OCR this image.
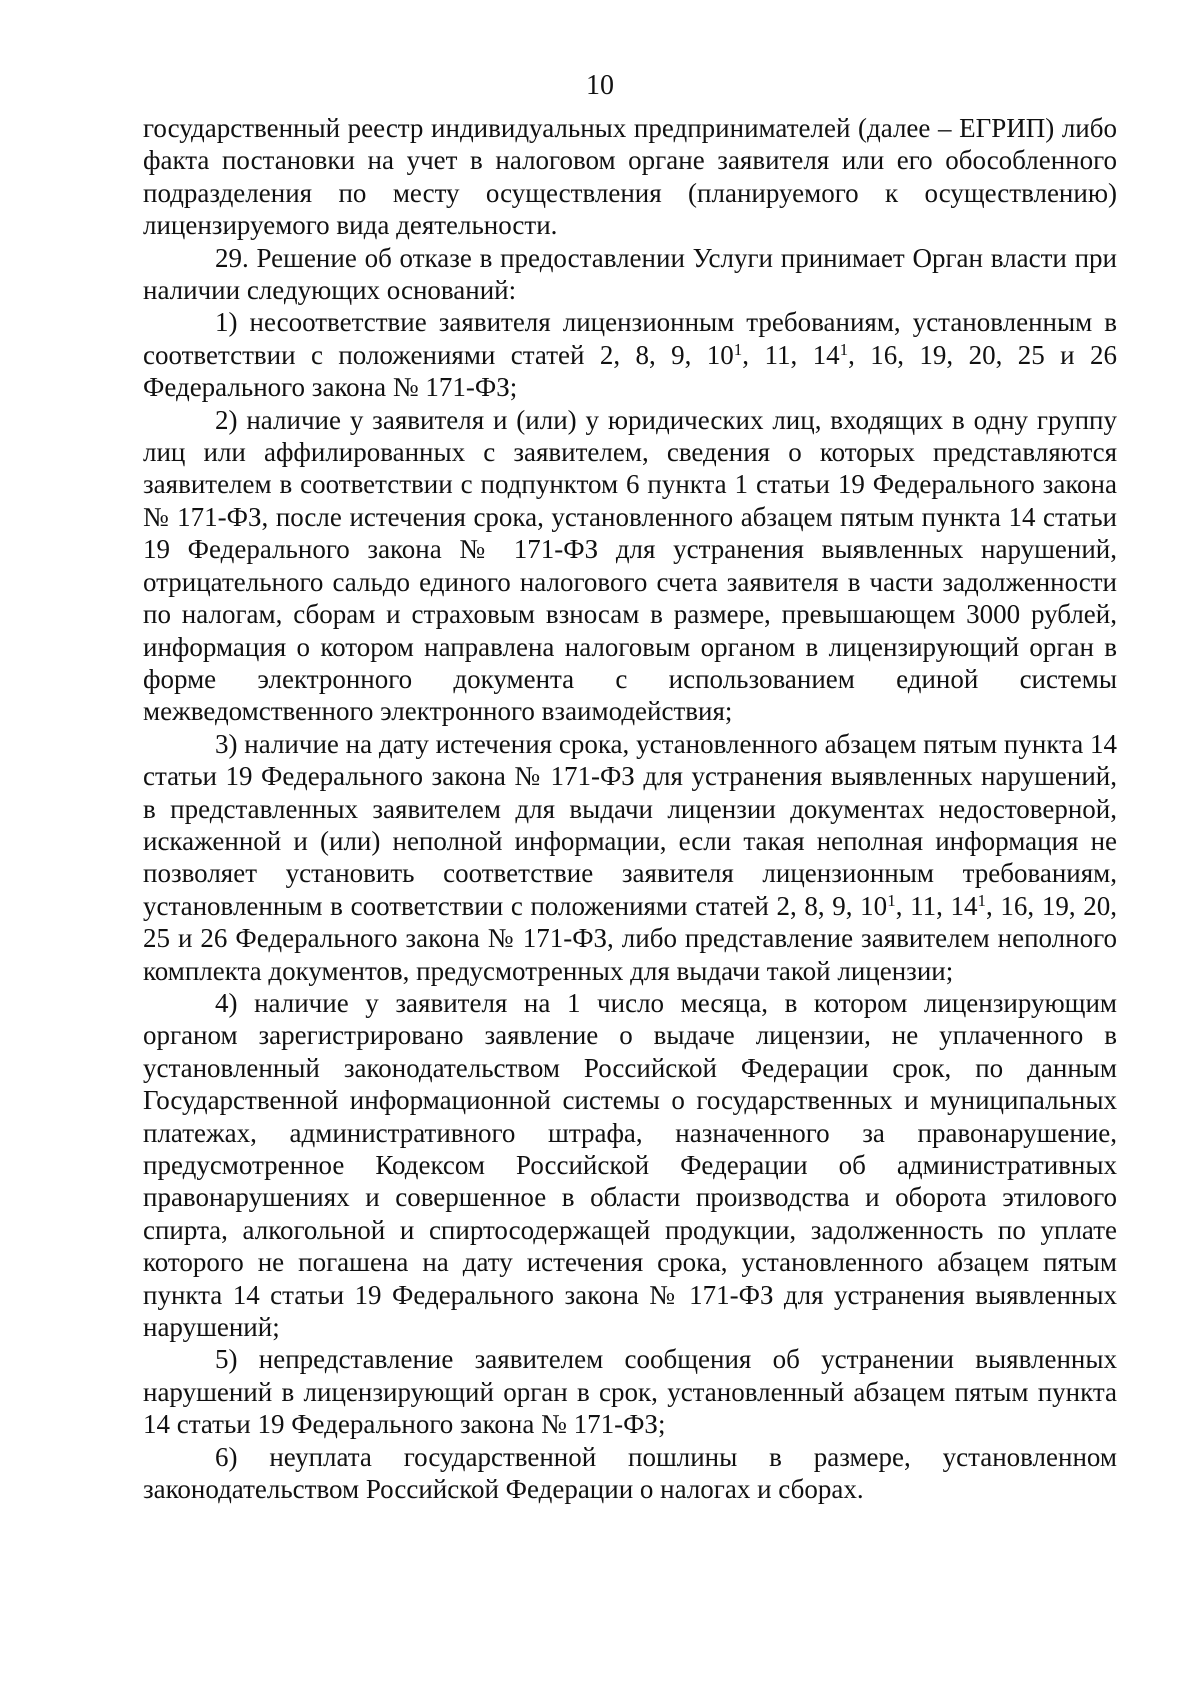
10

государственный реестр индивидуальных предпринимателей (далее – ЕГРИП) либо факта постановки на учет в налоговом органе заявителя или его обособленного подразделения по месту осуществления (планируемого к осуществлению) лицензируемого вида деятельности.

29. Решение об отказе в предоставлении Услуги принимает Орган власти при наличии следующих оснований:

1) несоответствие заявителя лицензионным требованиям, установленным в соответствии с положениями статей 2, 8, 9, $10^1$, 11, $14^1$, 16, 19, 20, 25 и 26 Федерального закона № 171-ФЗ;

2) наличие у заявителя и (или) у юридических лиц, входящих в одну группу лиц или аффилированных с заявителем, сведения о которых представляются заявителем в соответствии с подпунктом 6 пункта 1 статьи 19 Федерального закона № 171-ФЗ, после истечения срока, установленного абзацем пятым пункта 14 статьи 19 Федерального закона № 171-ФЗ для устранения выявленных нарушений, отрицательного сальдо единого налогового счета заявителя в части задолженности по налогам, сборам и страховым взносам в размере, превышающем 3000 рублей, информация о котором направлена налоговым органом в лицензирующий орган в форме электронного документа с использованием единой системы межведомственного электронного взаимодействия;

3) наличие на дату истечения срока, установленного абзацем пятым пункта 14 статьи 19 Федерального закона № 171-ФЗ для устранения выявленных нарушений, в представленных заявителем для выдачи лицензии документах недостоверной, искаженной и (или) неполной информации, если такая неполная информация не позволяет установить соответствие заявителя лицензионным требованиям, установленным в соответствии с положениями статей 2, 8, 9, $10^1$, 11, $14^1$, 16, 19, 20, 25 и 26 Федерального закона № 171-ФЗ, либо представление заявителем неполного комплекта документов, предусмотренных для выдачи такой лицензии;

4) наличие у заявителя на 1 число месяца, в котором лицензирующим органом зарегистрировано заявление о выдаче лицензии, не уплаченного в установленный законодательством Российской Федерации срок, по данным Государственной информационной системы о государственных и муниципальных платежах, административного штрафа, назначенного за правонарушение, предусмотренное Кодексом Российской Федерации об административных правонарушениях и совершенное в области производства и оборота этилового спирта, алкогольной и спиртосодержащей продукции, задолженность по уплате которого не погашена на дату истечения срока, установленного абзацем пятым пункта 14 статьи 19 Федерального закона № 171-ФЗ для устранения выявленных нарушений;

5) непредставление заявителем сообщения об устранении выявленных нарушений в лицензирующий орган в срок, установленный абзацем пятым пункта 14 статьи 19 Федерального закона № 171-ФЗ;

6) неуплата государственной пошлины в размере, установленном законодательством Российской Федерации о налогах и сборах.
